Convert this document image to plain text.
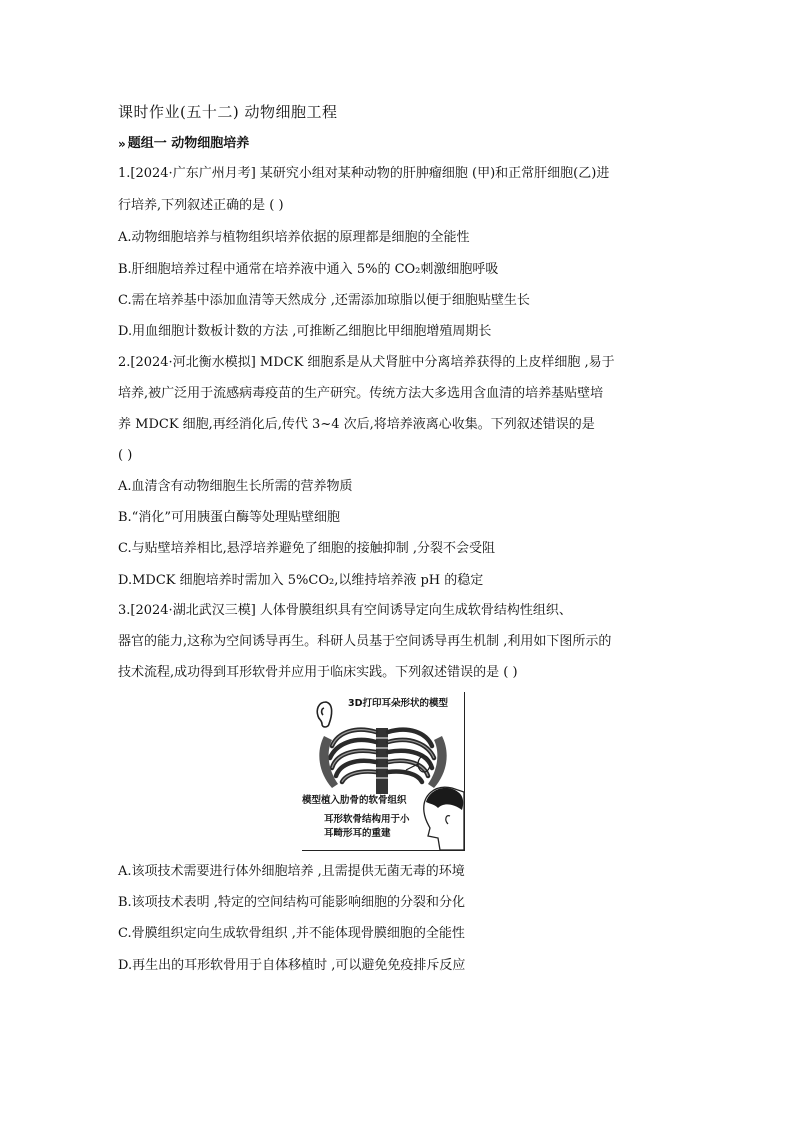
课时作业(五十二) 动物细胞工程
» 题组一 动物细胞培养
1.[2024·广东广州月考] 某研究小组对某种动物的肝肿瘤细胞 (甲)和正常肝细胞(乙)进
行培养,下列叙述正确的是 ( )
A.动物细胞培养与植物组织培养依据的原理都是细胞的全能性
B.肝细胞培养过程中通常在培养液中通入 5%的 CO₂刺激细胞呼吸
C.需在培养基中添加血清等天然成分 ,还需添加琼脂以便于细胞贴壁生长
D.用血细胞计数板计数的方法 ,可推断乙细胞比甲细胞增殖周期长
2.[2024·河北衡水模拟] MDCK 细胞系是从犬肾脏中分离培养获得的上皮样细胞 ,易于
培养,被广泛用于流感病毒疫苗的生产研究。传统方法大多选用含血清的培养基贴壁培
养 MDCK 细胞,再经消化后,传代 3~4 次后,将培养液离心收集。下列叙述错误的是
( )
A.血清含有动物细胞生长所需的营养物质
B.“消化”可用胰蛋白酶等处理贴壁细胞
C.与贴壁培养相比,悬浮培养避免了细胞的接触抑制 ,分裂不会受阻
D.MDCK 细胞培养时需加入 5%CO₂,以维持培养液 pH 的稳定
3.[2024·湖北武汉三模] 人体骨膜组织具有空间诱导定向生成软骨结构性组织、
器官的能力,这称为空间诱导再生。科研人员基于空间诱导再生机制 ,利用如下图所示的
技术流程,成功得到耳形软骨并应用于临床实践。下列叙述错误的是 ( )
3D打印耳朵形状的模型
模型植入肋骨的软骨组织
耳形软骨结构用于小
耳畸形耳的重建
A.该项技术需要进行体外细胞培养 ,且需提供无菌无毒的环境
B.该项技术表明 ,特定的空间结构可能影响细胞的分裂和分化
C.骨膜组织定向生成软骨组织 ,并不能体现骨膜细胞的全能性
D.再生出的耳形软骨用于自体移植时 ,可以避免免疫排斥反应
